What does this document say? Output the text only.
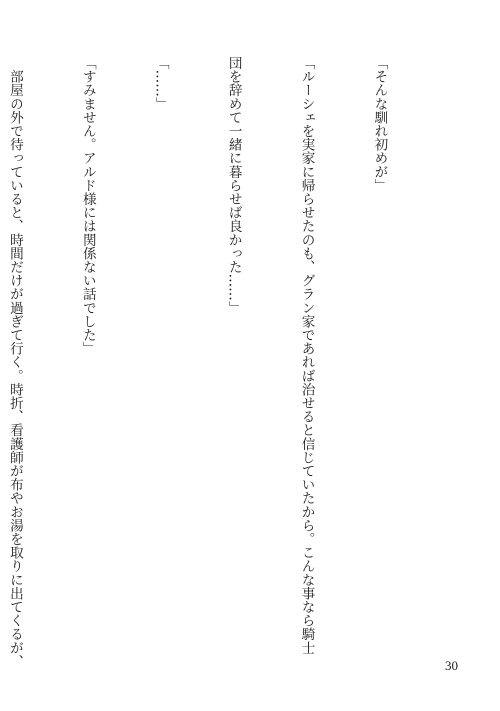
「そんな馴れ初めが」

「ルーシェを実家に帰らせたのも、グラン家であれば治せると信じていたから。こんな事なら騎士

団を辞めて一緒に暮らせば良かった……」

「……」

「すみません。アルド様には関係ない話でした」

　部屋の外で待っていると、時間だけが過ぎて行く。時折、看護師が布やお湯を取りに出てくるが、

	30
